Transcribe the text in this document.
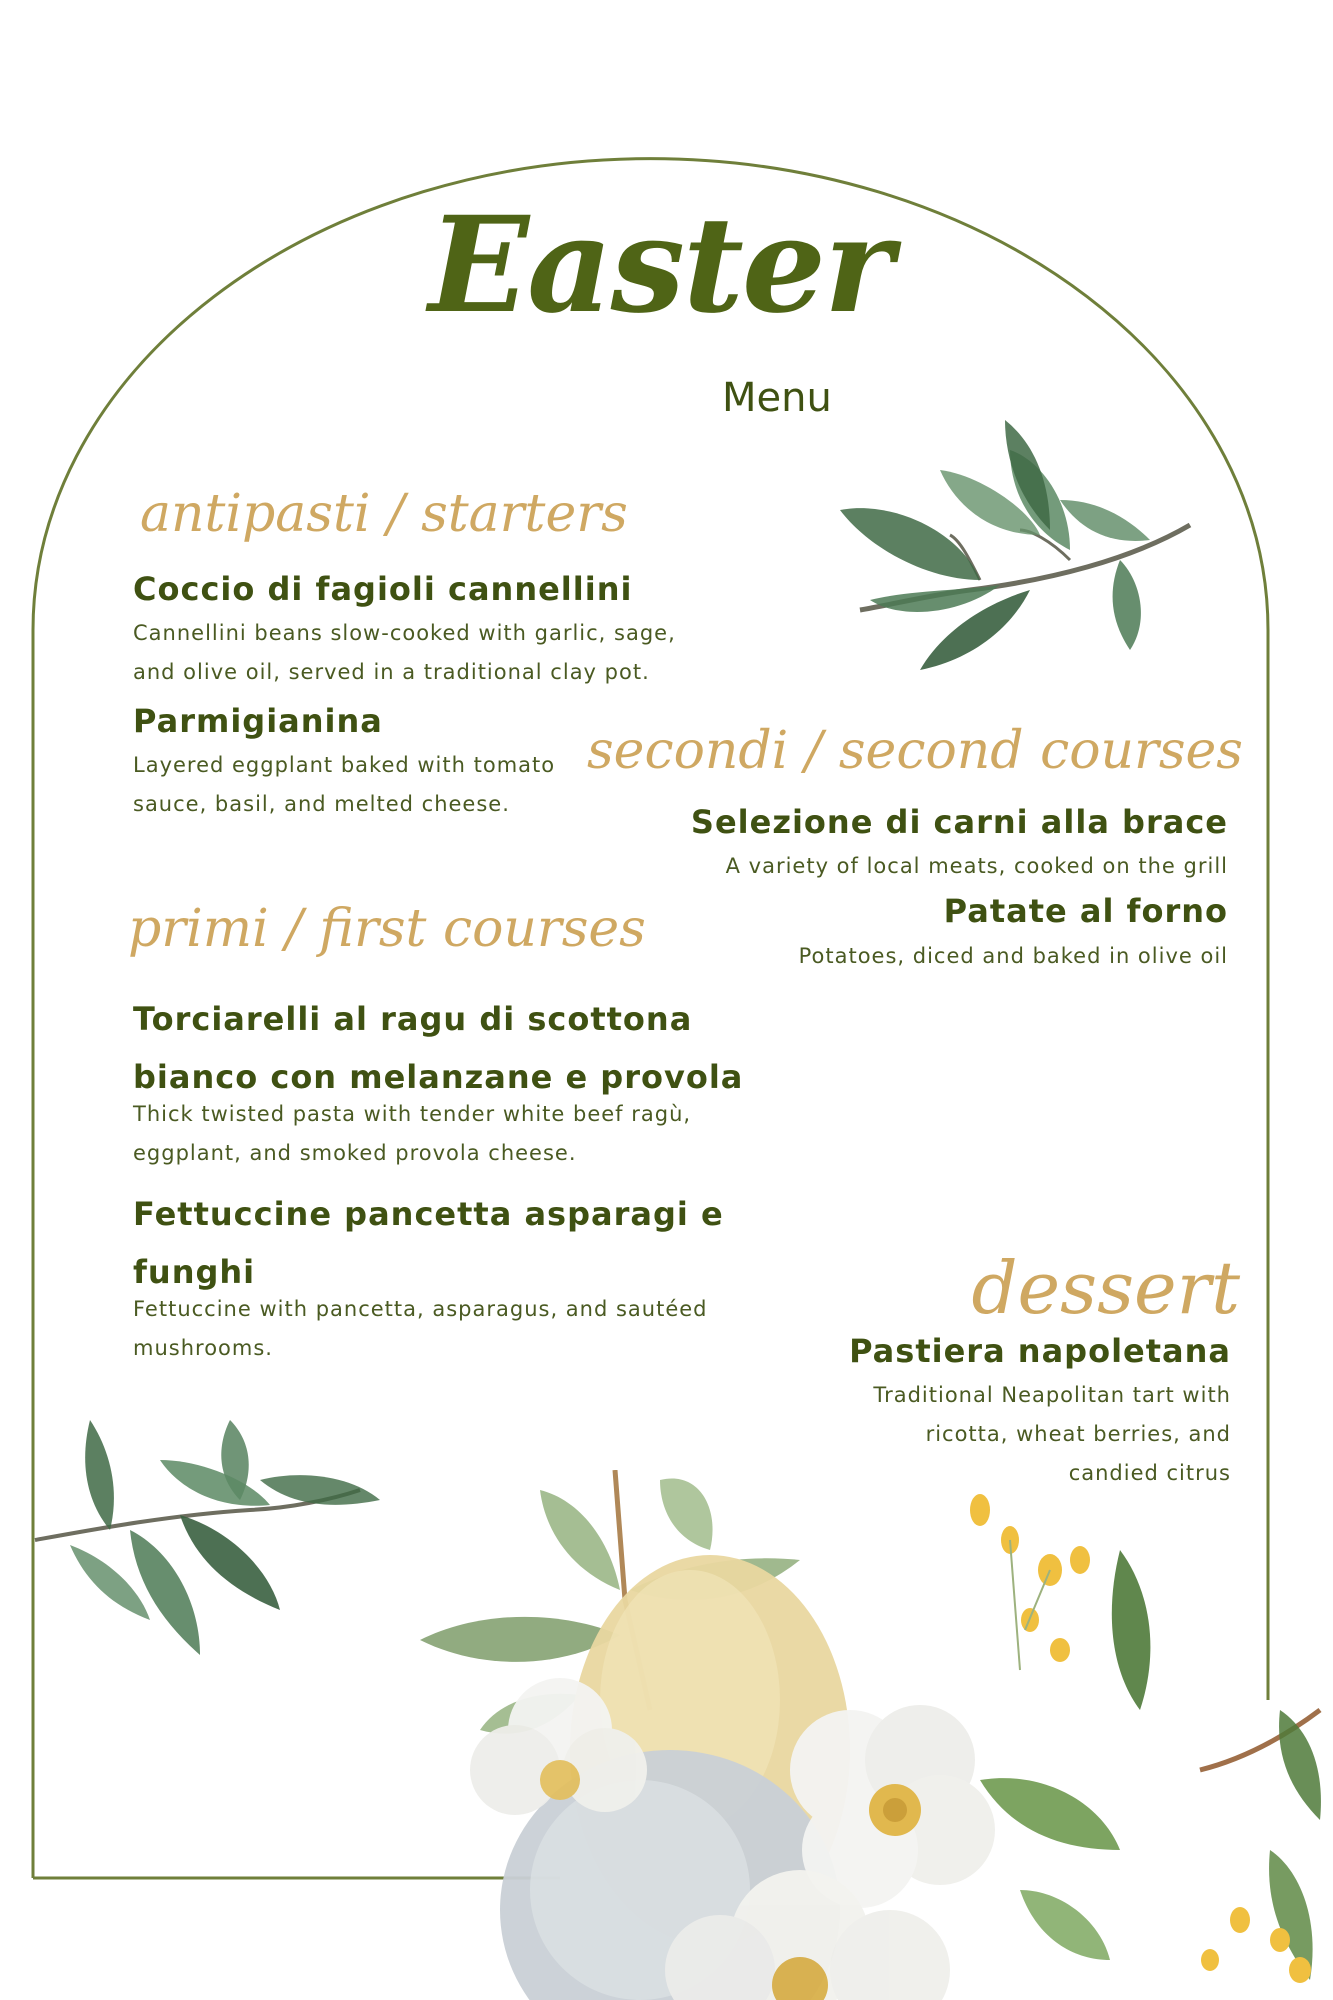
Easter
Menu
antipasti / starters
Coccio di fagioli cannellini
Cannellini beans slow-cooked with garlic, sage,
and olive oil, served in a traditional clay pot.
Parmigianina
Layered eggplant baked with tomato
sauce, basil, and melted cheese.
secondi / second courses
Selezione di carni alla brace
A variety of local meats, cooked on the grill
Patate al forno
Potatoes, diced and baked in olive oil
primi / first courses
Torciarelli al ragu di scottona
bianco con melanzane e provola
Thick twisted pasta with tender white beef ragù,
eggplant, and smoked provola cheese.
Fettuccine pancetta asparagi e
funghi
Fettuccine with pancetta, asparagus, and sautéed
mushrooms.
dessert
Pastiera napoletana
Traditional Neapolitan tart with
ricotta, wheat berries, and
candied citrus
